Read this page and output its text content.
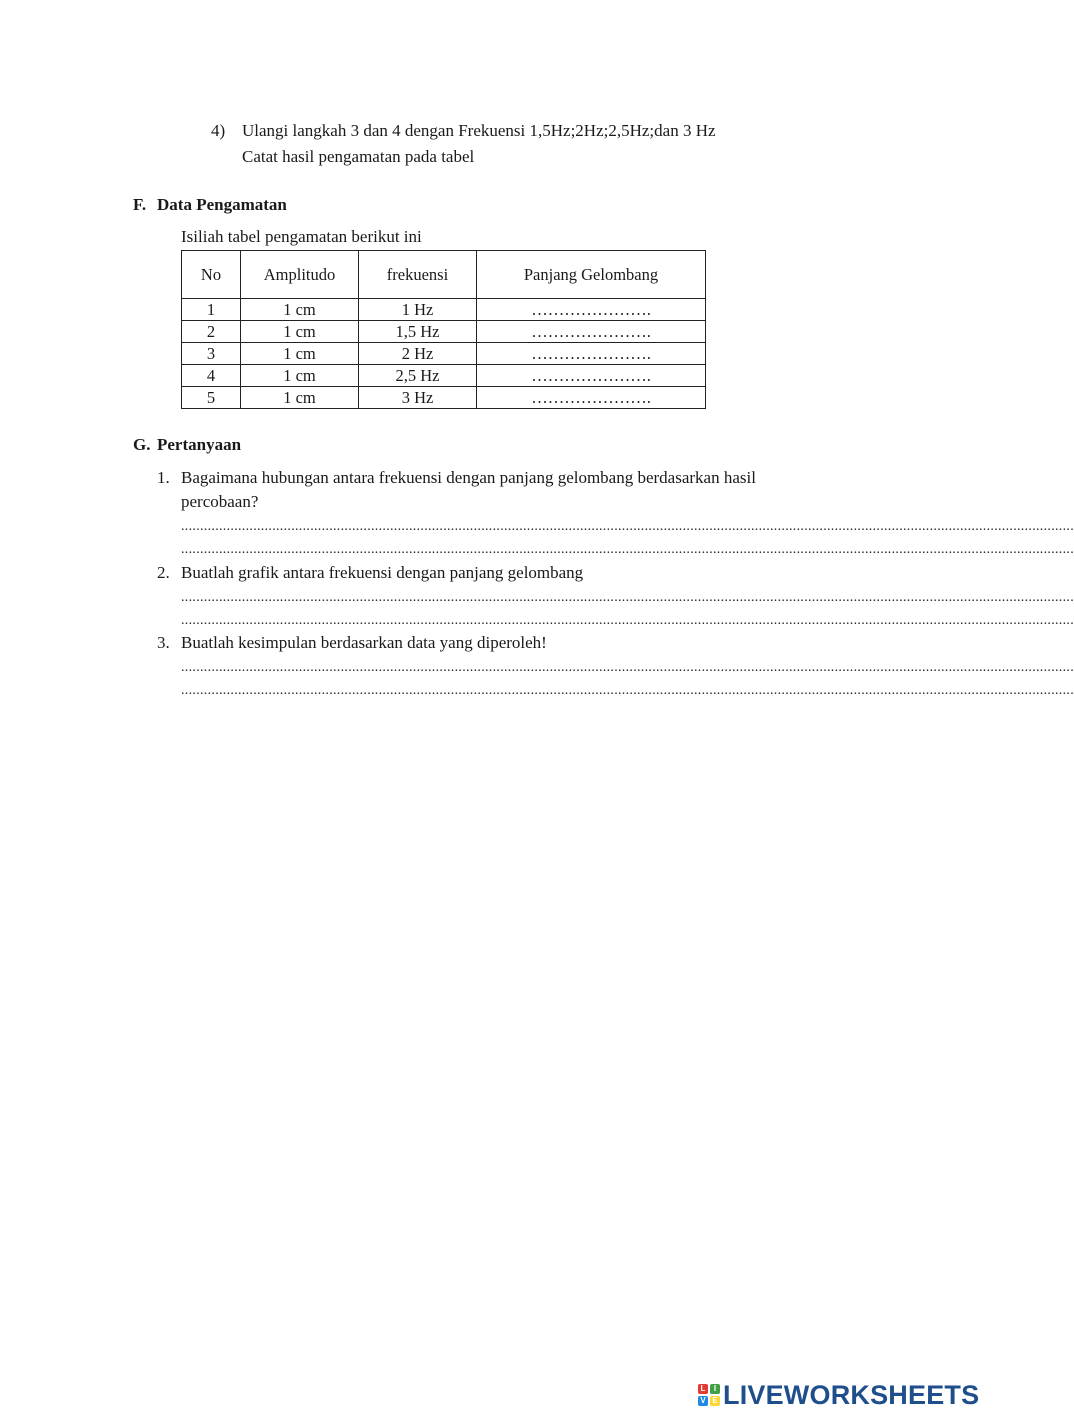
4) Ulangi langkah 3 dan 4 dengan Frekuensi 1,5Hz;2Hz;2,5Hz;dan 3 Hz
Catat hasil pengamatan pada tabel
F. Data Pengamatan
Isiliah tabel pengamatan berikut ini
No	Amplitudo	frekuensi	Panjang Gelombang
1	1 cm	1 Hz	………………….
2	1 cm	1,5 Hz	………………….
3	1 cm	2 Hz	………………….
4	1 cm	2,5 Hz	………………….
5	1 cm	3 Hz	………………….
G. Pertanyaan
1. Bagaimana hubungan antara frekuensi dengan panjang gelombang berdasarkan hasil
percobaan?
...........................................................................................................................................................................................................................................
...........................................................................................................................................................................................................................................
2. Buatlah grafik antara frekuensi dengan panjang gelombang
...........................................................................................................................................................................................................................................
...........................................................................................................................................................................................................................................
3. Buatlah kesimpulan berdasarkan data yang diperoleh!
...........................................................................................................................................................................................................................................
...........................................................................................................................................................................................................................................
L	I
V E LIVEWORKSHEETS
